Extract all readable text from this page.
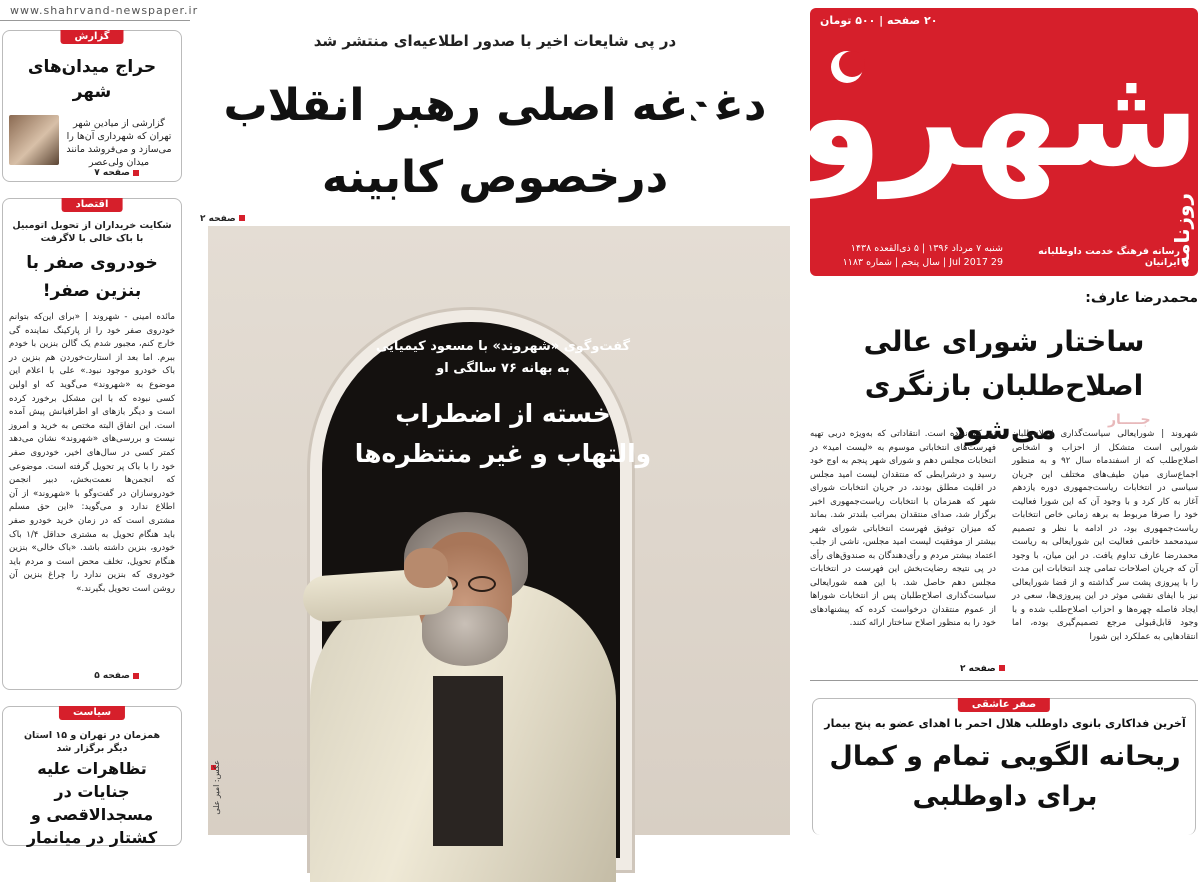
www.shahrvand-newspaper.ir
گزارش
حراج میدان‌های شهر
گزارشی از میادین شهر تهران که شهرداری آن‌ها را می‌سازد و می‌فروشد مانند میدان ولی‌عصر
صفحه ۷
اقتصاد
شکایت خریداران از تحویل اتومبیل با باک خالی با لاگرفت
خودروی صفر با بنزین صفر!
مائده امینی - شهروند | «برای این‌که بتوانم خودروی صفر خود را از پارکینگ نماینده گی خارج کنم، مجبور شدم یک گالن بنزین با خودم ببرم. اما بعد از استارت‌خوردن هم بنزین در باک خودرو موجود نبود.» علی با اعلام این موضوع به «شهروند» می‌گوید که او اولین کسی نبوده که با این مشکل برخورد کرده است و دیگر بازهای او اطرافیانش پیش آمده است. این اتفاق البته مختص به خرید و امروز نیست و بررسی‌های «شهروند» نشان می‌دهد کمتر کسی در سال‌های اخیر، خودروی صفر خود را با باک پر تحویل گرفته است. موضوعی که انجمن‌ها نعمت‌بخش، دبیر انجمن خودروسازان در گفت‌وگو با «شهروند» از آن اطلاع ندارد و می‌گوید: «این حق مسلم مشتری است که در زمان خرید خودرو صفر باید هنگام تحویل به مشتری حداقل ۱/۴ باک خودرو، بنزین داشته باشد. «باک خالی» بنزین هنگام تحویل، تخلف محض است و مردم باید خودروی که بنزین ندارد را چراغ بنزین آن روشن است تحویل بگیرند.»
صفحه ۵
سیاست
همزمان در تهران و ۱۵ استان دیگر برگزار شد
تظاهرات علیه جنایات در مسجدالاقصی و کشتار در میانمار
در پی شایعات اخیر با صدور اطلاعیه‌ای منتشر شد
دغدغه اصلی رهبر انقلاب
درخصوص کابینه
صفحه ۲
گفت‌وگوی «شهروند» با مسعود کیمیایی
به بهانه ۷۶ سالگی او
خسته از اضطراب
والتهاب و غیر منتظره‌ها
عکس: امیر علی
۲۰ صفحه | ۵۰۰ تومان
شهروند
روزنامه
شنبه ۷ مرداد ۱۳۹۶ | ۵ ذی‌القعده ۱۴۳۸
29 Jul 2017 | سال پنجم | شماره ۱۱۸۳
رسانه فرهنگ خدمت داوطلبانه ایرانیان
محمدرضا عارف:
ساختار شورای عالی
اصلاح‌طلبان بازنگری می‌شود	جــــار
شهروند | شورایعالی سیاست‌گذاری اصلاح‌طلبان شورایی است متشکل از احزاب و اشخاص اصلاح‌طلب که از اسفندماه سال ۹۲ و به منظور اجماع‌سازی میان طیف‌های مختلف این جریان سیاسی در انتخابات ریاست‌جمهوری دوره یازدهم آغاز به کار کرد و با وجود آن که این شورا فعالیت خود را صرفا مربوط به برهه زمانی خاص انتخابات ریاست‌جمهوری بود، در ادامه با نظر و تصمیم سیدمحمد خاتمی فعالیت این شورایعالی به ریاست محمدرضا عارف تداوم یافت. در این میان، با وجود آن که جریان اصلاحات تمامی چند انتخابات این مدت را با پیروزی پشت سر گذاشته و از قضا شورایعالی نیز با ایفای نقشی موثر در این پیروزی‌ها، سعی در ایجاد فاصله چهره‌ها و احزاب اصلاح‌طلب شده و با وجود قابل‌قبولی مرجع تصمیم‌گیری بوده، اما انتقادهایی به عملکرد این شورا
نیز کم نبوده است. انتقاداتی که به‌ویژه دربی تهیه فهرست‌های انتخاباتی موسوم به «لیست امید» در انتخابات مجلس دهم و شورای شهر پنجم به اوج خود رسید و درشرایطی که منتقدان لیست امید مجلس در اقلیت مطلق بودند، در جریان انتخابات شورای شهر که همزمان با انتخابات ریاست‌جمهوری اخیر برگزار شد، صدای منتقدان بمراتب بلندتر شد. بماند که میزان توفیق فهرست انتخاباتی شورای شهر بیشتر از موفقیت لیست امید مجلس، ناشی از جلب اعتماد بیشتر مردم و رأی‌دهندگان به صندوق‌های رأی در پی نتیجه رضایت‌بخش این فهرست در انتخابات مجلس دهم حاصل شد. با این همه شورایعالی سیاست‌گذاری اصلاح‌طلبان پس از انتخابات شوراها از عموم منتقدان درخواست کرده که پیشنهادهای خود را به منظور اصلاح ساختار ارائه کنند.
صفحه ۲
صفر عاشقی
آخرین فداکاری بانوی داوطلب هلال احمر با اهدای عضو به پنج بیمار
ریحانه الگویی تمام و کمال
برای داوطلبی
